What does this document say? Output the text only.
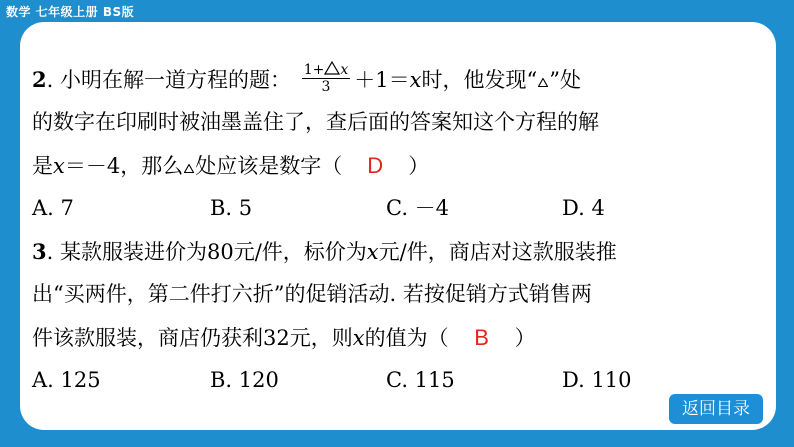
数学 七年级上册 BS版
2. 小明在解一道方程的题： $\frac{1+ x}{3} +1=x$时，他发现“ ”处
的数字在印刷时被油墨盖住了，查后面的答案知这个方程的解
是x＝－4，那么 处应该是数字（ D ）
A. 7	B. 5	C. －4	D. 4
3. 某款服装进价为80元/件，标价为x元/件，商店对这款服装推
出“买两件，第二件打六折”的促销活动. 若按促销方式销售两
件该款服装，商店仍获利32元，则x的值为（ B ）
A. 125	B. 120	C. 115	D. 110
返回目录
